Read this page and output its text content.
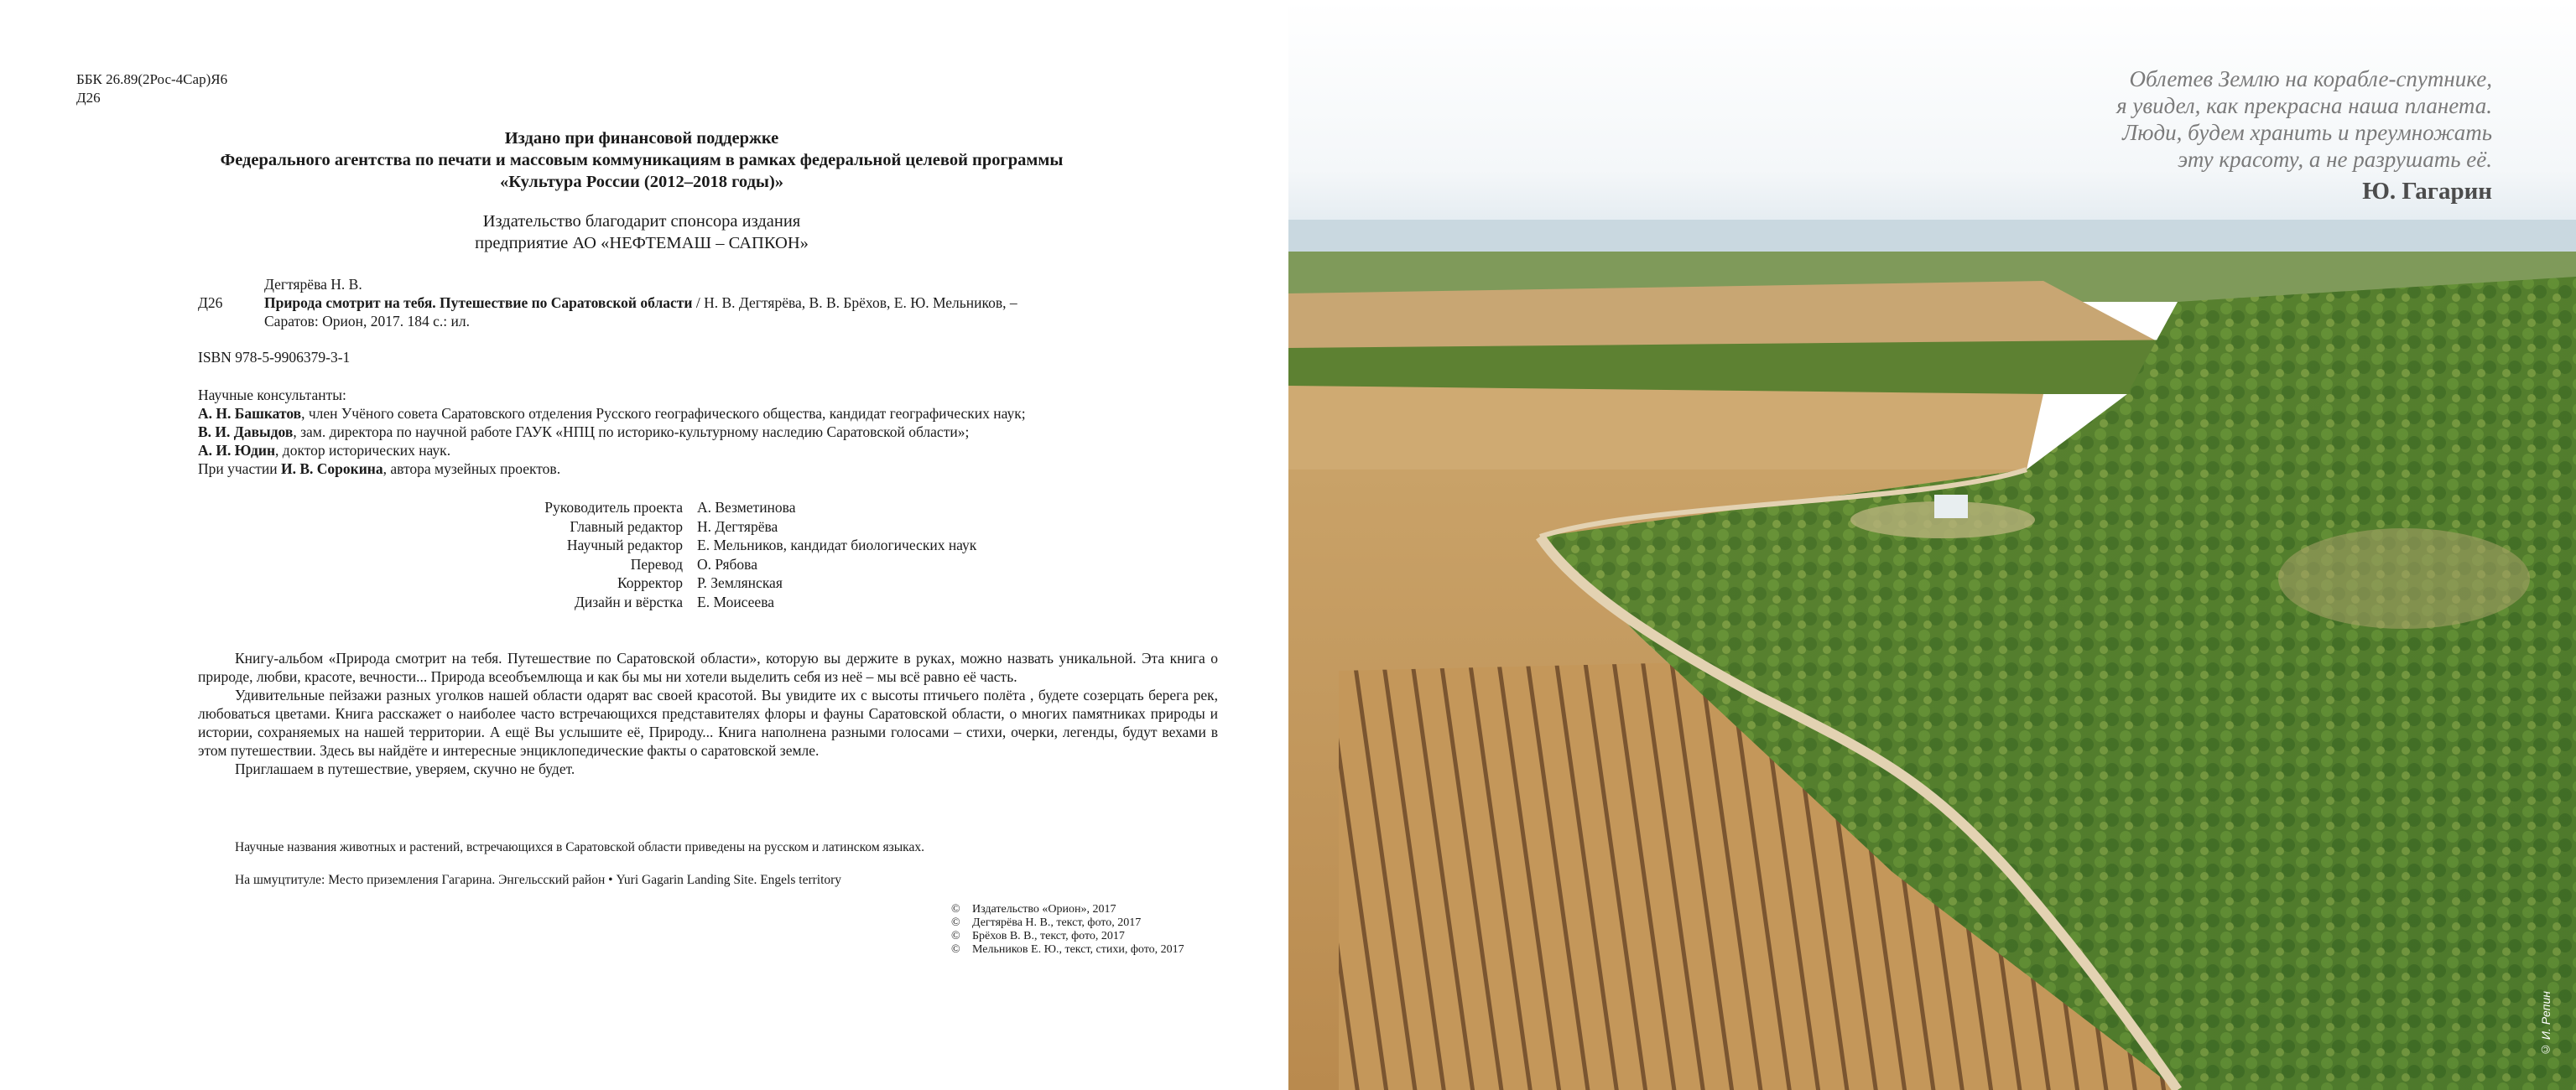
ББК 26.89(2Рос-4Сар)Я6
Д26
Издано при финансовой поддержке
Федерального агентства по печати и массовым коммуникациям в рамках федеральной целевой программы
«Культура России (2012–2018 годы)»
Издательство благодарит спонсора издания
предприятие АО «НЕФТЕМАШ – САПКОН»
Дегтярёва Н. В.
Д26	Природа смотрит на тебя. Путешествие по Саратовской области / Н. В. Дегтярёва, В. В. Брёхов, Е. Ю. Мельников, –
Саратов: Орион, 2017. 184 с.: ил.
ISBN 978-5-9906379-3-1
Научные консультанты:
А. Н. Башкатов, член Учёного совета Саратовского отделения Русского географического общества, кандидат географических наук;
В. И. Давыдов, зам. директора по научной работе ГАУК «НПЦ по историко-культурному наследию Саратовской области»;
А. И. Юдин, доктор исторических наук.
При участии И. В. Сорокина, автора музейных проектов.
Руководитель проекта	А. Везметинова
Главный редактор	Н. Дегтярёва
Научный редактор	Е. Мельников, кандидат биологических наук
Перевод	О. Рябова
Корректор	Р. Землянская
Дизайн и вёрстка	Е. Моисеева
Книгу-альбом «Природа смотрит на тебя. Путешествие по Саратовской области», которую вы держите в руках, можно назвать уникальной. Эта книга о природе, любви, красоте, вечности... Природа всеобъемлюща и как бы мы ни хотели выделить себя из неё – мы всё равно её часть.
Удивительные пейзажи разных уголков нашей области одарят вас своей красотой. Вы увидите их с высоты птичьего полёта , будете созерцать берега рек, любоваться цветами. Книга расскажет о наиболее часто встречающихся представителях флоры и фауны Саратовской области, о многих памятниках природы и истории, сохраняемых на нашей территории. А ещё Вы услышите её, Природу... Книга наполнена разными голосами – стихи, очерки, легенды, будут вехами в этом путешествии. Здесь вы найдёте и интересные энциклопедические факты о саратовской земле.
Приглашаем в путешествие, уверяем, скучно не будет.
Научные названия животных и растений, встречающихся в Саратовской области приведены на русском и латинском языках.
На шмуцтитуле: Место приземления Гагарина. Энгельсский район • Yuri Gagarin Landing Site. Engels territory
©	Издательство «Орион», 2017
©	Дегтярёва Н. В., текст, фото, 2017
©	Брёхов В. В., текст, фото, 2017
©	Мельников Е. Ю., текст, стихи, фото, 2017
Облетев Землю на корабле-спутнике,
я увидел, как прекрасна наша планета.
Люди, будем хранить и преумножать
эту красоту, а не разрушать её.
Ю. Гагарин
© И. Репин
